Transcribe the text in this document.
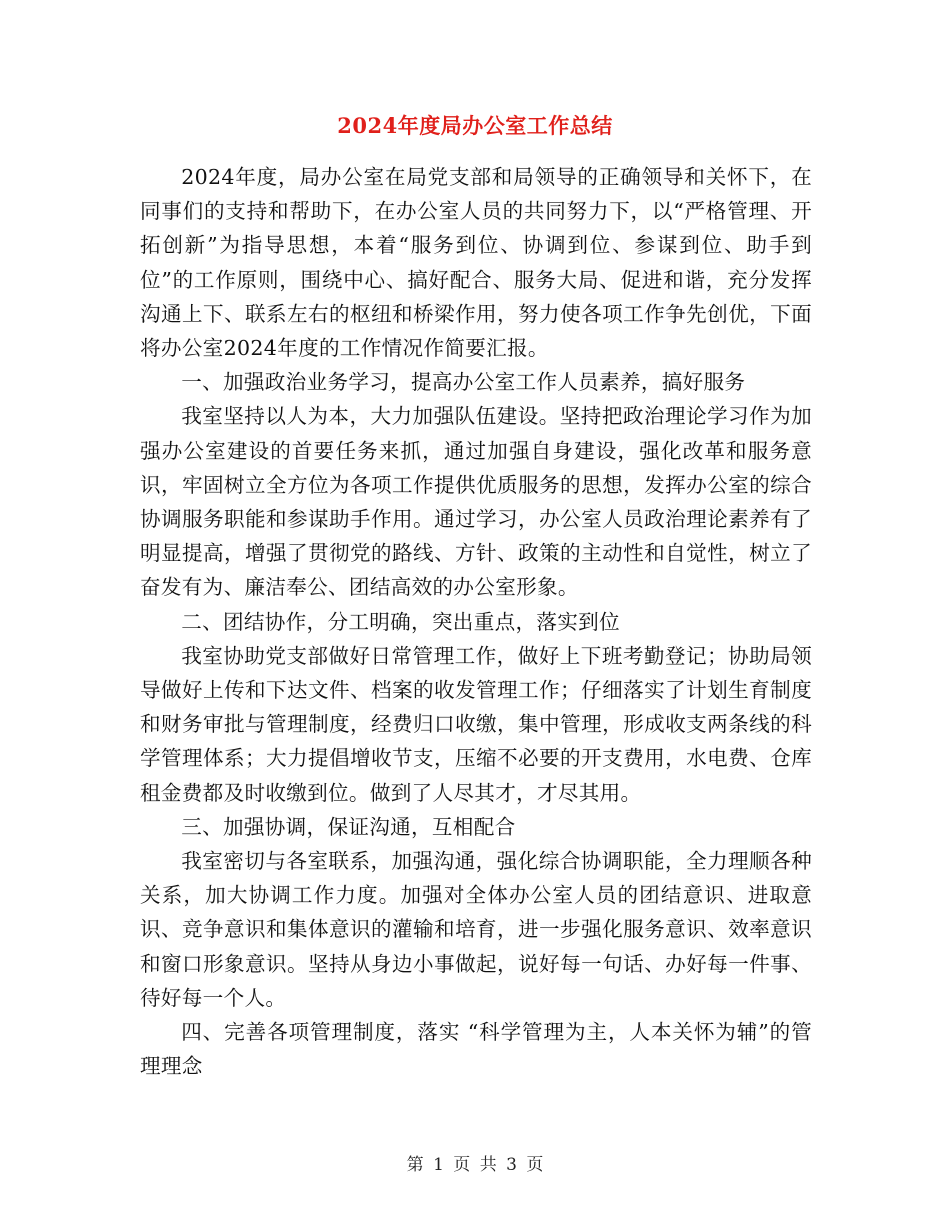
2024年度局办公室工作总结

2024年度，局办公室在局党支部和局领导的正确领导和关怀下，在同事们的支持和帮助下，在办公室人员的共同努力下，以“严格管理、开拓创新”为指导思想，本着“服务到位、协调到位、参谋到位、助手到位”的工作原则，围绕中心、搞好配合、服务大局、促进和谐，充分发挥沟通上下、联系左右的枢纽和桥梁作用，努力使各项工作争先创优，下面将办公室2024年度的工作情况作简要汇报。

一、加强政治业务学习，提高办公室工作人员素养，搞好服务

我室坚持以人为本，大力加强队伍建设。坚持把政治理论学习作为加强办公室建设的首要任务来抓，通过加强自身建设，强化改革和服务意识，牢固树立全方位为各项工作提供优质服务的思想，发挥办公室的综合协调服务职能和参谋助手作用。通过学习，办公室人员政治理论素养有了明显提高，增强了贯彻党的路线、方针、政策的主动性和自觉性，树立了奋发有为、廉洁奉公、团结高效的办公室形象。

二、团结协作，分工明确，突出重点，落实到位

我室协助党支部做好日常管理工作，做好上下班考勤登记；协助局领导做好上传和下达文件、档案的收发管理工作；仔细落实了计划生育制度和财务审批与管理制度，经费归口收缴，集中管理，形成收支两条线的科学管理体系；大力提倡增收节支，压缩不必要的开支费用，水电费、仓库租金费都及时收缴到位。做到了人尽其才，才尽其用。

三、加强协调，保证沟通，互相配合

我室密切与各室联系，加强沟通，强化综合协调职能，全力理顺各种关系，加大协调工作力度。加强对全体办公室人员的团结意识、进取意识、竞争意识和集体意识的灌输和培育，进一步强化服务意识、效率意识和窗口形象意识。坚持从身边小事做起，说好每一句话、办好每一件事、待好每一个人。

四、完善各项管理制度，落实 “科学管理为主，人本关怀为辅”的管理理念

第 1 页 共 3 页
